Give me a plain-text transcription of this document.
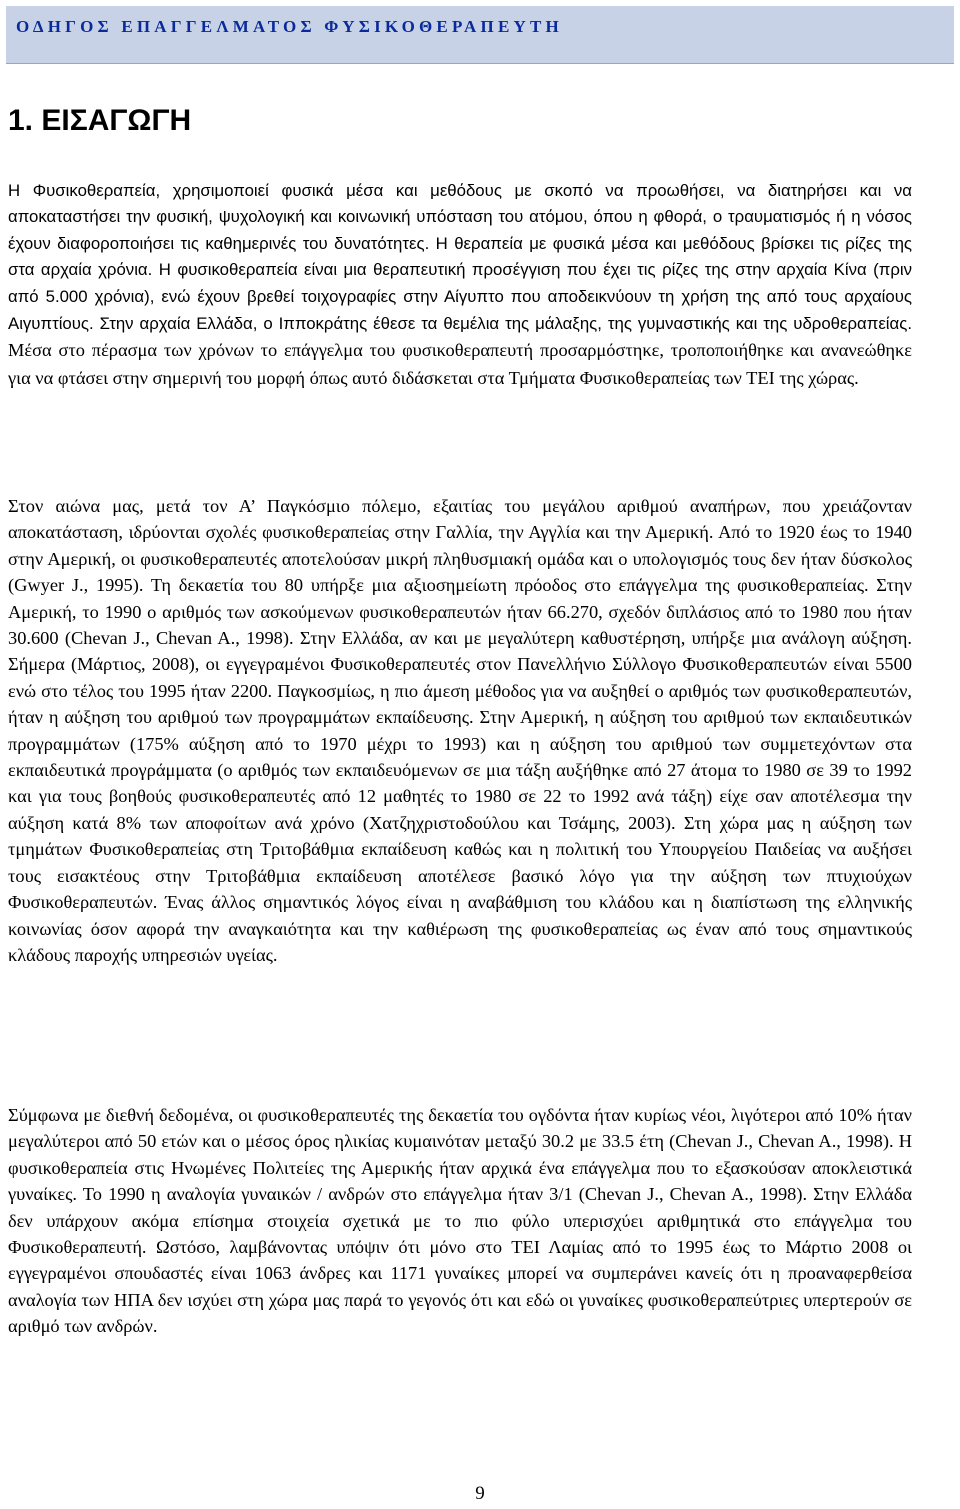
ΟΔΗΓΟΣ ΕΠΑΓΓΕΛΜΑΤΟΣ ΦΥΣΙΚΟΘΕΡΑΠΕΥΤΗ
1. ΕΙΣΑΓΩΓΗ

Η Φυσικοθεραπεία, χρησιμοποιεί φυσικά μέσα και μεθόδους με σκοπό να προωθήσει, να διατηρήσει και να αποκαταστήσει την φυσική, ψυχολογική και κοινωνική υπόσταση του ατόμου, όπου η φθορά, ο τραυματισμός ή η νόσος έχουν διαφοροποιήσει τις καθημερινές του δυνατότητες. Η θεραπεία με φυσικά μέσα και μεθόδους βρίσκει τις ρίζες της στα αρχαία χρόνια. Η φυσικοθεραπεία είναι μια θεραπευτική προσέγγιση που έχει τις ρίζες της στην αρχαία Κίνα (πριν από 5.000 χρόνια), ενώ έχουν βρεθεί τοιχογραφίες στην Αίγυπτο που αποδεικνύουν τη χρήση της από τους αρχαίους Αιγυπτίους. Στην αρχαία Ελλάδα, ο Ιπποκράτης έθεσε τα θεμέλια της μάλαξης, της γυμναστικής και της υδροθεραπείας. Μέσα στο πέρασμα των χρόνων το επάγγελμα του φυσικοθεραπευτή προσαρμόστηκε, τροποποιήθηκε και ανανεώθηκε για να φτάσει στην σημερινή του μορφή όπως αυτό διδάσκεται στα Τμήματα Φυσικοθεραπείας των ΤΕΙ της χώρας.

Στον αιώνα μας, μετά τον Α’ Παγκόσμιο πόλεμο, εξαιτίας του μεγάλου αριθμού αναπήρων, που χρειάζονταν αποκατάσταση, ιδρύονται σχολές φυσικοθεραπείας στην Γαλλία, την Αγγλία και την Αμερική. Από το 1920 έως το 1940 στην Αμερική, οι φυσικοθεραπευτές αποτελούσαν μικρή πληθυσμιακή ομάδα και ο υπολογισμός τους δεν ήταν δύσκολος (Gwyer J., 1995). Τη δεκαετία του 80 υπήρξε μια αξιοσημείωτη πρόοδος στο επάγγελμα της φυσικοθεραπείας. Στην Αμερική, το 1990 ο αριθμός των ασκούμενων φυσικοθεραπευτών ήταν 66.270, σχεδόν διπλάσιος από το 1980 που ήταν 30.600 (Chevan J., Chevan A., 1998). Στην Ελλάδα, αν και με μεγαλύτερη καθυστέρηση, υπήρξε μια ανάλογη αύξηση. Σήμερα (Μάρτιος, 2008), οι εγγεγραμένοι Φυσικοθεραπευτές στον Πανελλήνιο Σύλλογο Φυσικοθεραπευτών είναι 5500 ενώ στο τέλος του 1995 ήταν 2200. Παγκοσμίως, η πιο άμεση μέθοδος για να αυξηθεί ο αριθμός των φυσικοθεραπευτών, ήταν η αύξηση του αριθμού των προγραμμάτων εκπαίδευσης. Στην Αμερική, η αύξηση του αριθμού των εκπαιδευτικών προγραμμάτων (175% αύξηση από το 1970 μέχρι το 1993) και η αύξηση του αριθμού των συμμετεχόντων στα εκπαιδευτικά προγράμματα (ο αριθμός των εκπαιδευόμενων σε μια τάξη αυξήθηκε από 27 άτομα το 1980 σε 39 το 1992 και για τους βοηθούς φυσικοθεραπευτές από 12 μαθητές το 1980 σε 22 το 1992 ανά τάξη) είχε σαν αποτέλεσμα την αύξηση κατά 8% των αποφοίτων ανά χρόνο (Χατζηχριστοδούλου και Τσάμης, 2003). Στη χώρα μας η αύξηση των τμημάτων Φυσικοθεραπείας στη Τριτοβάθμια εκπαίδευση καθώς και η πολιτική του Υπουργείου Παιδείας να αυξήσει τους εισακτέους στην Τριτοβάθμια εκπαίδευση αποτέλεσε βασικό λόγο για την αύξηση των πτυχιούχων Φυσικοθεραπευτών. Ένας άλλος σημαντικός λόγος είναι η αναβάθμιση του κλάδου και η διαπίστωση της ελληνικής κοινωνίας όσον αφορά την αναγκαιότητα και την καθιέρωση της φυσικοθεραπείας ως έναν από τους σημαντικούς κλάδους παροχής υπηρεσιών υγείας.

Σύμφωνα με διεθνή δεδομένα, οι φυσικοθεραπευτές της δεκαετία του ογδόντα ήταν κυρίως νέοι, λιγότεροι από 10% ήταν μεγαλύτεροι από 50 ετών και ο μέσος όρος ηλικίας κυμαινόταν μεταξύ 30.2 με 33.5 έτη (Chevan J., Chevan A., 1998). Η φυσικοθεραπεία στις Ηνωμένες Πολιτείες της Αμερικής ήταν αρχικά ένα επάγγελμα που το εξασκούσαν αποκλειστικά γυναίκες. Το 1990 η αναλογία γυναικών / ανδρών στο επάγγελμα ήταν 3/1 (Chevan J., Chevan A., 1998). Στην Ελλάδα δεν υπάρχουν ακόμα επίσημα στοιχεία σχετικά με το πιο φύλο υπερισχύει αριθμητικά στο επάγγελμα του Φυσικοθεραπευτή. Ωστόσο, λαμβάνοντας υπόψιν ότι μόνο στο ΤΕΙ Λαμίας από το 1995 έως το Μάρτιο 2008 οι εγγεγραμένοι σπουδαστές είναι 1063 άνδρες και 1171 γυναίκες μπορεί να συμπεράνει κανείς ότι η προαναφερθείσα αναλογία των ΗΠΑ δεν ισχύει στη χώρα μας παρά το γεγονός ότι και εδώ οι γυναίκες φυσικοθεραπεύτριες υπερτερούν σε αριθμό των ανδρών.

9
